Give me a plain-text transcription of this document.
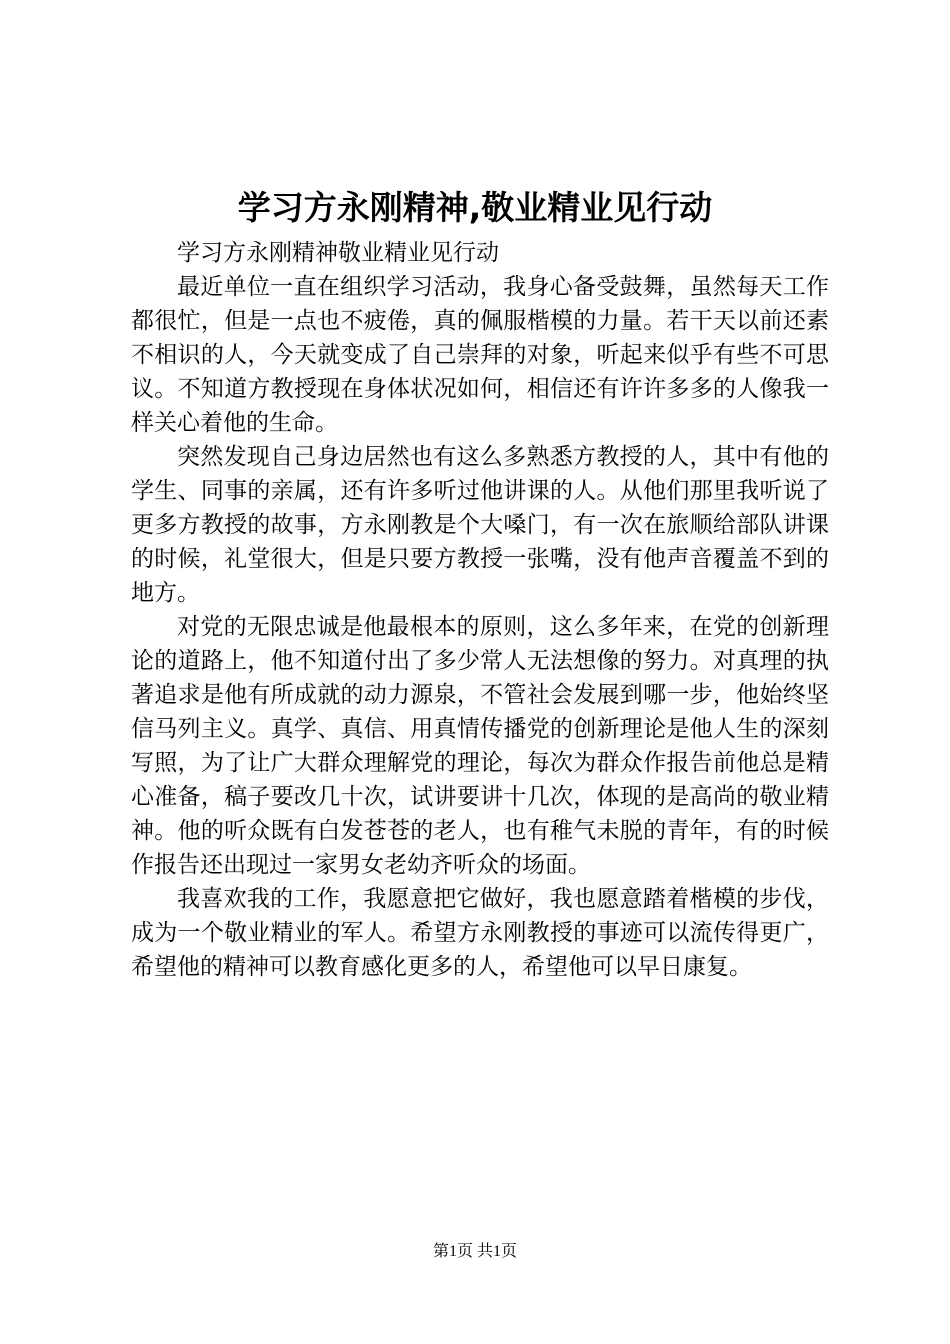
学习方永刚精神,敬业精业见行动

学习方永刚精神敬业精业见行动

最近单位一直在组织学习活动，我身心备受鼓舞，虽然每天工作都很忙，但是一点也不疲倦，真的佩服楷模的力量。若干天以前还素不相识的人，今天就变成了自己崇拜的对象，听起来似乎有些不可思议。不知道方教授现在身体状况如何，相信还有许许多多的人像我一样关心着他的生命。

突然发现自己身边居然也有这么多熟悉方教授的人，其中有他的学生、同事的亲属，还有许多听过他讲课的人。从他们那里我听说了更多方教授的故事，方永刚教是个大嗓门，有一次在旅顺给部队讲课的时候，礼堂很大，但是只要方教授一张嘴，没有他声音覆盖不到的地方。

对党的无限忠诚是他最根本的原则，这么多年来，在党的创新理论的道路上，他不知道付出了多少常人无法想像的努力。对真理的执著追求是他有所成就的动力源泉，不管社会发展到哪一步，他始终坚信马列主义。真学、真信、用真情传播党的创新理论是他人生的深刻写照，为了让广大群众理解党的理论，每次为群众作报告前他总是精心准备，稿子要改几十次，试讲要讲十几次，体现的是高尚的敬业精神。他的听众既有白发苍苍的老人，也有稚气未脱的青年，有的时候作报告还出现过一家男女老幼齐听众的场面。

我喜欢我的工作，我愿意把它做好，我也愿意踏着楷模的步伐，成为一个敬业精业的军人。希望方永刚教授的事迹可以流传得更广，希望他的精神可以教育感化更多的人，希望他可以早日康复。

第1页 共1页
